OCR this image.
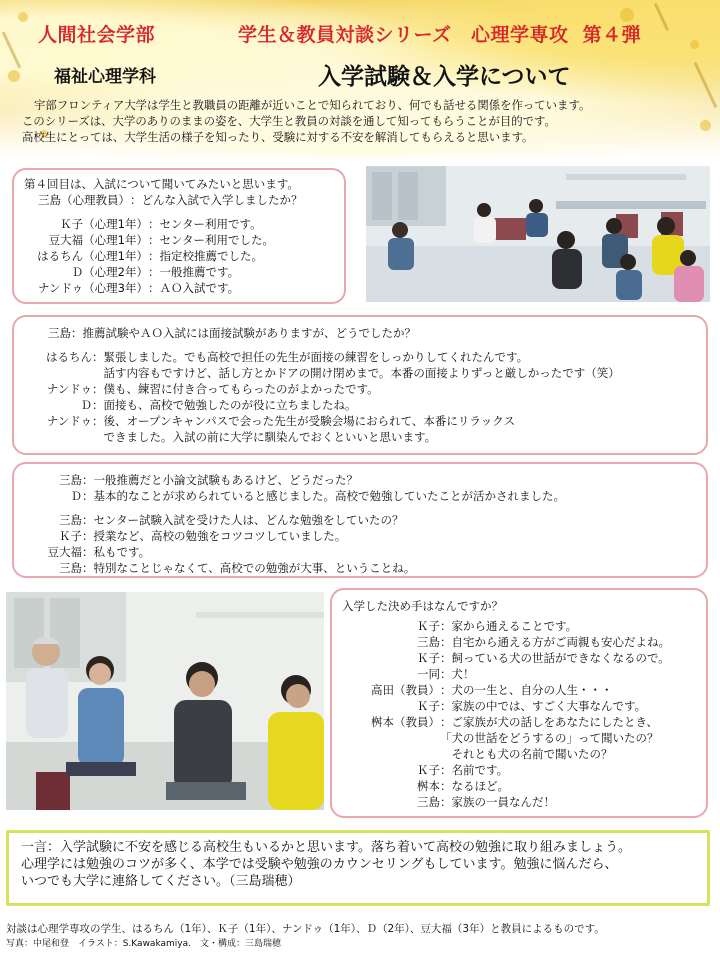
人間社会学部	学生＆教員対談シリーズ　心理学専攻 第４弾
福祉心理学科	入学試験＆入学について

宇部フロンティア大学は学生と教職員の距離が近いことで知られており、何でも話せる関係を作っています。

このシリーズは、大学のありのままの姿を、大学生と教員の対談を通して知ってもらうことが目的です。

高校生にとっては、大学生活の様子を知ったり、受験に対する不安を解消してもらえると思います。

第４回目は、入試について聞いてみたいと思います。

三島（心理教員） ：どんな入試で入学しましたか？
Ｋ子（心理1年） ：センター利用です。
豆大福（心理1年） ：センター利用でした。
はるちん（心理1年） ：指定校推薦でした。
Ｄ（心理2年） ：一般推薦です。
ナンドゥ（心理3年） ：ＡＯ入試です。
三島 ：推薦試験やＡＯ入試には面接試験がありますが、どうでしたか？
はるちん ：緊張しました。でも高校で担任の先生が面接の練習をしっかりしてくれたんです。
　話す内容もですけど、話し方とかドアの開け閉めまで。本番の面接よりずっと厳しかったです（笑）
ナンドゥ ：僕も、練習に付き合ってもらったのがよかったです。
Ｄ ：面接も、高校で勉強したのが役に立ちましたね。
ナンドゥ ：後、オープンキャンパスで会った先生が受験会場におられて、本番にリラックス
　できました。入試の前に大学に馴染んでおくといいと思います。
三島 ：一般推薦だと小論文試験もあるけど、どうだった？
Ｄ ：基本的なことが求められていると感じました。高校で勉強していたことが活かされました。
三島 ：センター試験入試を受けた人は、どんな勉強をしていたの？
Ｋ子 ：授業など、高校の勉強をコツコツしていました。
豆大福 ：私もです。
三島 ：特別なことじゃなくて、高校での勉強が大事、ということね。

入学した決め手はなんですか？

Ｋ子 ：家から通えることです。
三島 ：自宅から通える方がご両親も安心だよね。
Ｋ子 ：飼っている犬の世話ができなくなるので。
一同 ：犬！
高田（教員） ：犬の一生と、自分の人生・・・
Ｋ子 ：家族の中では、すごく大事なんです。
桝本（教員） ：ご家族が犬の話しをあなたにしたとき、
「犬の世話をどうするの」って聞いたの？
　それとも犬の名前で聞いたの？
Ｋ子 ：名前です。
桝本 ：なるほど。
三島 ：家族の一員なんだ！

一言：入学試験に不安を感じる高校生もいるかと思います。落ち着いて高校の勉強に取り組みましょう。

心理学には勉強のコツが多く、本学では受験や勉強のカウンセリングもしています。勉強に悩んだら、

いつでも大学に連絡してください。（三島瑞穂）

対談は心理学専攻の学生、はるちん（1年）、Ｋ子（1年）、ナンドゥ（1年）、Ｄ（2年）、豆大福（3年）と教員によるものです。
写真：中尾和登　イラスト：S.Kawakamiya.　文・構成：三島瑞穂
